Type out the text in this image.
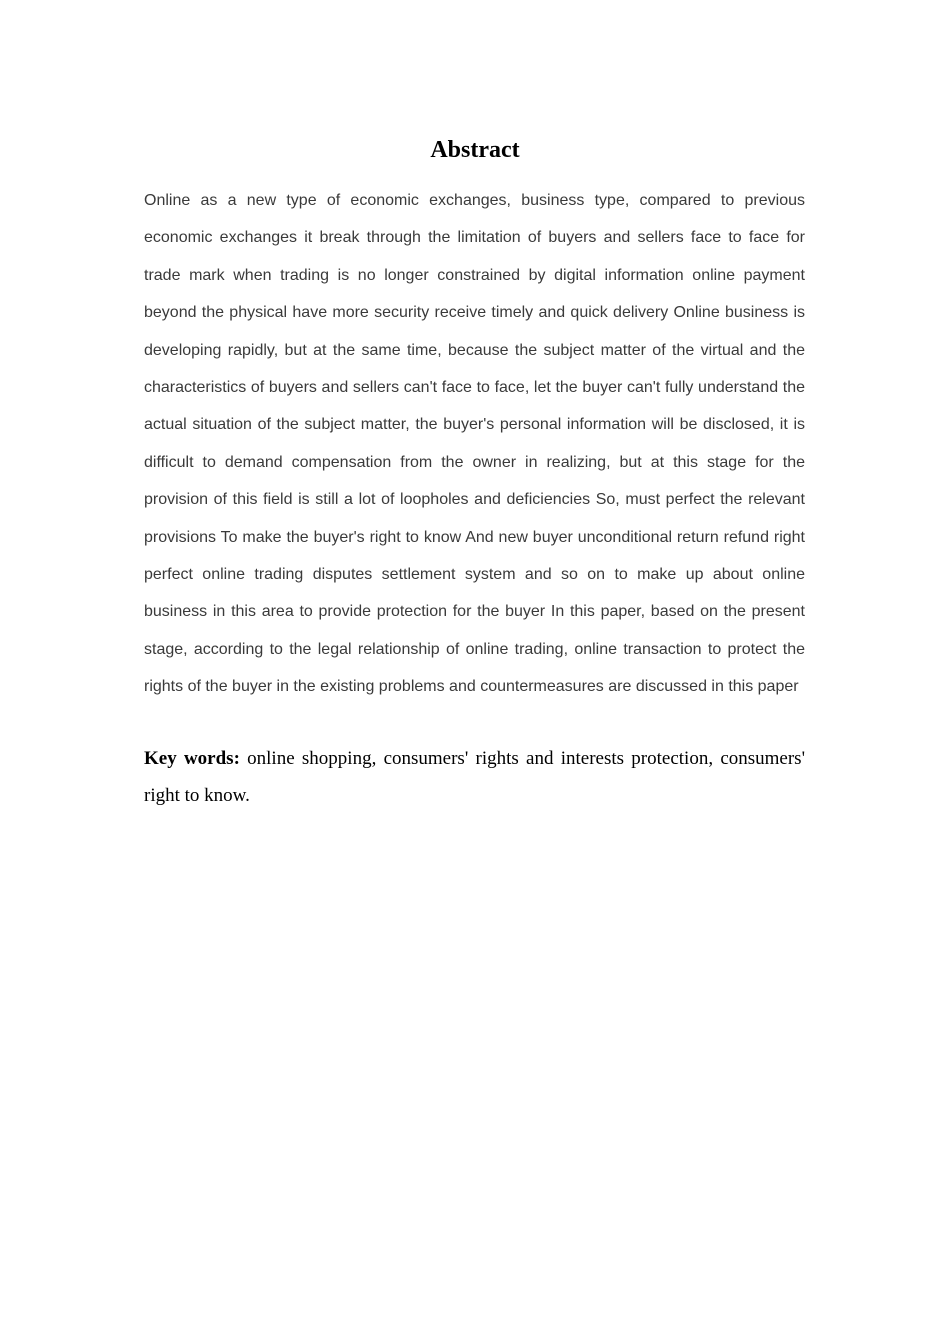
Abstract

Online as a new type of economic exchanges, business type, compared to previous economic exchanges it break through the limitation of buyers and sellers face to face for trade mark when trading is no longer constrained by digital information online payment beyond the physical have more security receive timely and quick delivery Online business is developing rapidly, but at the same time, because the subject matter of the virtual and the characteristics of buyers and sellers can't face to face, let the buyer can't fully understand the actual situation of the subject matter, the buyer's personal information will be disclosed, it is difficult to demand compensation from the owner in realizing, but at this stage for the provision of this field is still a lot of loopholes and deficiencies So, must perfect the relevant provisions To make the buyer's right to know And new buyer unconditional return refund right perfect online trading disputes settlement system and so on to make up about online business in this area to provide protection for the buyer In this paper, based on the present stage, according to the legal relationship of online trading, online transaction to protect the rights of the buyer in the existing problems and countermeasures are discussed in this paper

Key words: online shopping, consumers' rights and interests protection, consumers' right to know.
